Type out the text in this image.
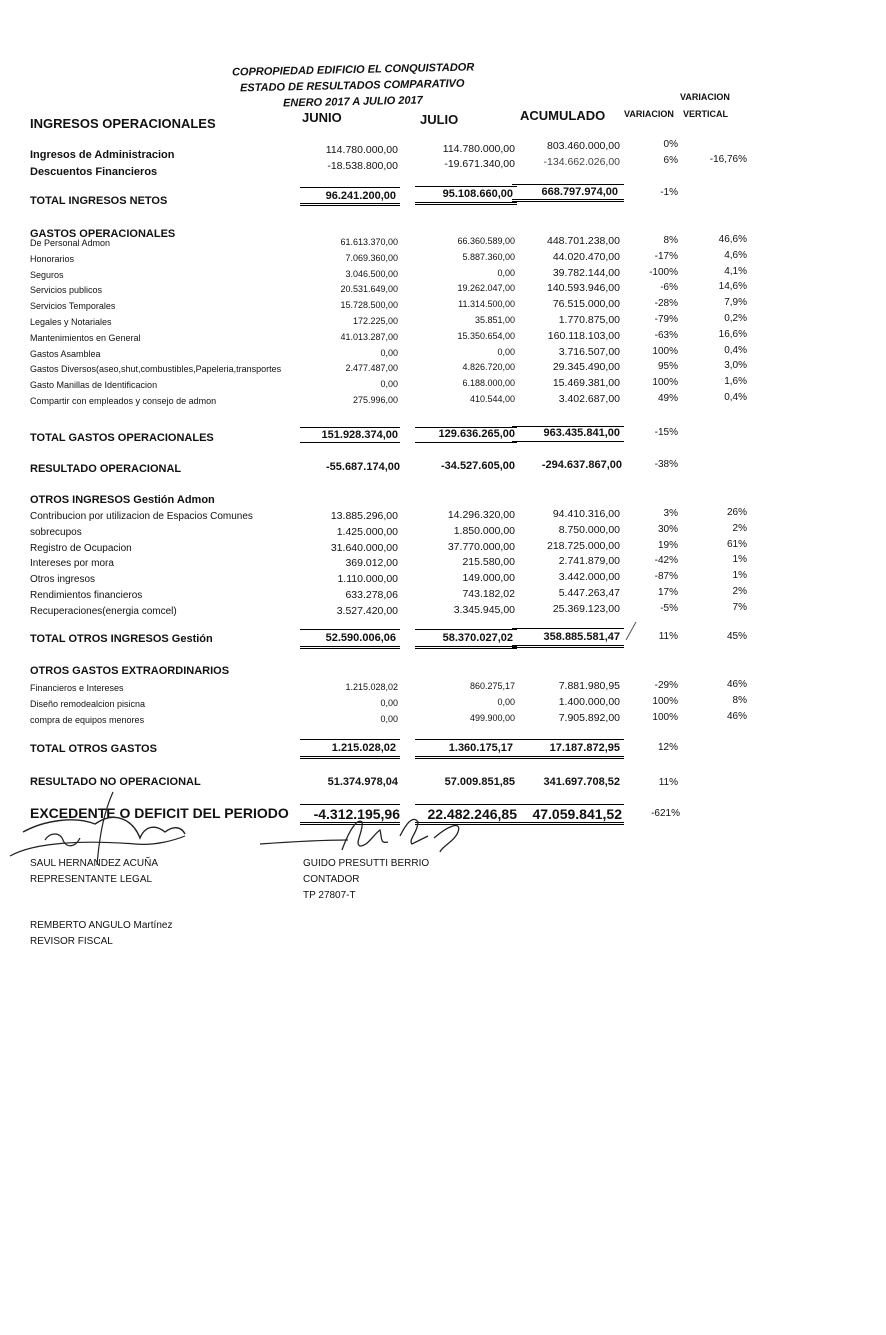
COPROPIEDAD EDIFICIO EL CONQUISTADOR
ESTADO DE RESULTADOS COMPARATIVO
ENERO 2017 A JULIO 2017
INGRESOS OPERACIONALES	JUNIO	JULIO	ACUMULADO
VARIACION
VARIACION VERTICAL
Ingresos de Administracion	114.780.000,00	114.780.000,00	803.460.000,00	0%
Descuentos Financieros	-18.538.800,00	-19.671.340,00	-134.662.026,00	6%	-16,76%
TOTAL INGRESOS NETOS	96.241.200,00	95.108.660,00	668.797.974,00	-1%
GASTOS OPERACIONALES
De Personal Admon	61.613.370,00	66.360.589,00	448.701.238,00	8%	46,6%
Honorarios	7.069.360,00	5.887.360,00	44.020.470,00	-17%	4,6%
Seguros	3.046.500,00	0,00	39.782.144,00	-100%	4,1%
Servicios publicos	20.531.649,00	19.262.047,00	140.593.946,00	-6%	14,6%
Servicios Temporales	15.728.500,00	11.314.500,00	76.515.000,00	-28%	7,9%
Legales y Notariales	172.225,00	35.851,00	1.770.875,00	-79%	0,2%
Mantenimientos en General	41.013.287,00	15.350.654,00	160.118.103,00	-63%	16,6%
Gastos Asamblea	0,00	0,00	3.716.507,00	100%	0,4%
Gastos Diversos(aseo,shut,combustibles,Papeleria,transportes	2.477.487,00	4.826.720,00	29.345.490,00	95%	3,0%
Gasto Manillas de Identificacion	0,00	6.188.000,00	15.469.381,00	100%	1,6%
Compartir con empleados y consejo de admon	275.996,00	410.544,00	3.402.687,00	49%	0,4%
TOTAL GASTOS OPERACIONALES	151.928.374,00	129.636.265,00	963.435.841,00	-15%
RESULTADO OPERACIONAL	-55.687.174,00	-34.527.605,00	-294.637.867,00	-38%
OTROS INGRESOS Gestión Admon
Contribucion por utilizacion de Espacios Comunes	13.885.296,00	14.296.320,00	94.410.316,00	3%	26%
sobrecupos	1.425.000,00	1.850.000,00	8.750.000,00	30%	2%
Registro de Ocupacion	31.640.000,00	37.770.000,00	218.725.000,00	19%	61%
Intereses por mora	369.012,00	215.580,00	2.741.879,00	-42%	1%
Otros ingresos	1.110.000,00	149.000,00	3.442.000,00	-87%	1%
Rendimientos financieros	633.278,06	743.182,02	5.447.263,47	17%	2%
Recuperaciones(energia comcel)	3.527.420,00	3.345.945,00	25.369.123,00	-5%	7%
TOTAL OTROS INGRESOS Gestión	52.590.006,06	58.370.027,02	358.885.581,47	11%	45%
OTROS GASTOS EXTRAORDINARIOS
Financieros e Intereses	1.215.028,02	860.275,17	7.881.980,95	-29%	46%
Diseño remodealcion pisicna	0,00	0,00	1.400.000,00	100%	8%
compra de equipos menores	0,00	499.900,00	7.905.892,00	100%	46%
TOTAL OTROS GASTOS	1.215.028,02	1.360.175,17	17.187.872,95	12%
RESULTADO NO OPERACIONAL	51.374.978,04	57.009.851,85	341.697.708,52	11%
EXCEDENTE O DEFICIT DEL PERIODO	-4.312.195,96	22.482.246,85	47.059.841,52	-621%
SAUL HERNANDEZ ACUÑA
REPRESENTANTE LEGAL
GUIDO PRESUTTI BERRIO
CONTADOR
TP 27807-T
REMBERTO ANGULO Martínez
REVISOR FISCAL
